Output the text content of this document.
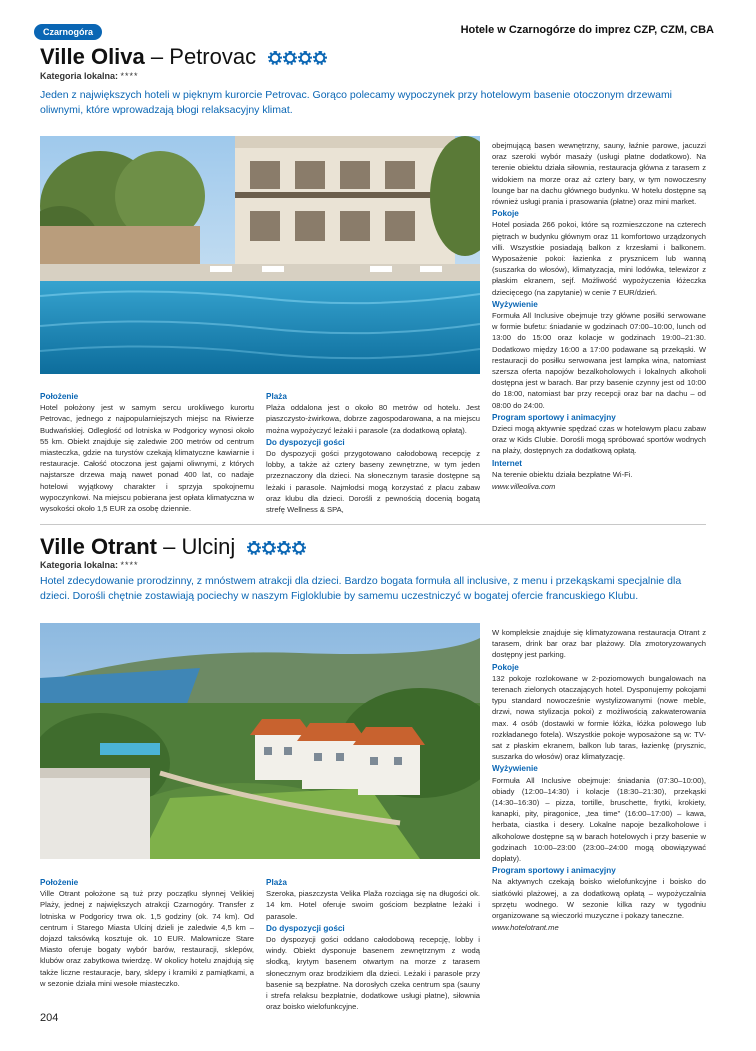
Czarnogóra	Hotele w Czarnogórze do imprez CZP, CZM, CBA
Ville Oliva – Petrovac
Kategoria lokalna: ****
Jeden z największych hoteli w pięknym kurorcie Petrovac. Gorąco polecamy wypoczynek przy hotelowym basenie otoczonym drzewami oliwnymi, które wprowadzają błogi relaksacyjny klimat.
Położenie

Hotel położony jest w samym sercu urokliwego kurortu Petrovac, jednego z najpopularniejszych miejsc na Riwierze Budwańskiej. Odległość od lotniska w Podgoricy wynosi około 55 km. Obiekt znajduje się zaledwie 200 metrów od centrum miasteczka, gdzie na turystów czekają klimatyczne kawiarnie i restauracje. Całość otoczona jest gajami oliwnymi, z których najstarsze drzewa mają nawet ponad 400 lat, co nadaje hotelowi wyjątkowy charakter i sprzyja spokojnemu wypoczynkowi. Na miejscu pobierana jest opłata klimatyczna w wysokości około 1,5 EUR za osobę dziennie.

Plaża

Plaża oddalona jest o około 80 metrów od hotelu. Jest piaszczysto-żwirkowa, dobrze zagospodarowana, a na miejscu można wypożyczyć leżaki i parasole (za dodatkową opłatą).

Do dyspozycji gości

Do dyspozycji gości przygotowano całodobową recepcję z lobby, a także aż cztery baseny zewnętrzne, w tym jeden przeznaczony dla dzieci. Na słonecznym tarasie dostępne są leżaki i parasole. Najmłodsi mogą korzystać z placu zabaw oraz klubu dla dzieci. Dorośli z pewnością docenią bogatą strefę Wellness & SPA,

obejmującą basen wewnętrzny, sauny, łaźnie parowe, jacuzzi oraz szeroki wybór masaży (usługi płatne dodatkowo). Na terenie obiektu działa siłownia, restauracja główna z tarasem z widokiem na morze oraz aż cztery bary, w tym nowoczesny lounge bar na dachu głównego budynku. W hotelu dostępne są również usługi prania i prasowania (płatne) oraz mini market.

Pokoje

Hotel posiada 266 pokoi, które są rozmieszczone na czterech piętrach w budynku głównym oraz 11 komfortowo urządzonych villi. Wszystkie posiadają balkon z krzesłami i balkonem. Wyposażenie pokoi: łazienka z prysznicem lub wanną (suszarka do włosów), klimatyzacja, mini lodówka, telewizor z płaskim ekranem, sejf. Możliwość wypożyczenia łóżeczka dziecięcego (na zapytanie) w cenie 7 EUR/dzień.

Wyżywienie

Formuła All Inclusive obejmuje trzy główne posiłki serwowane w formie bufetu: śniadanie w godzinach 07:00–10:00, lunch od 13:00 do 15:00 oraz kolacje w godzinach 19:00–21:30. Dodatkowo między 16:00 a 17:00 podawane są przekąski. W restauracji do posiłku serwowana jest lampka wina, natomiast szersza oferta napojów bezalkoholowych i lokalnych alkoholi dostępna jest w barach. Bar przy basenie czynny jest od 10:00 do 18:00, natomiast bar przy recepcji oraz bar na dachu – od 08:00 do 24:00.

Program sportowy i animacyjny

Dzieci mogą aktywnie spędzać czas w hotelowym placu zabaw oraz w Kids Clubie. Dorośli mogą spróbować sportów wodnych na plaży, dostępnych za dodatkową opłatą.

Internet

Na terenie obiektu działa bezpłatne Wi-Fi.

www.villeoliva.com

Ville Otrant – Ulcinj
Kategoria lokalna: ****
Hotel zdecydowanie prorodzinny, z mnóstwem atrakcji dla dzieci. Bardzo bogata formuła all inclusive, z menu i przekąskami specjalnie dla dzieci. Dorośli chętnie zostawiają pociechy w naszym Figloklubie by samemu uczestniczyć w bogatej ofercie francuskiego Klubu.
Położenie

Ville Otrant położone są tuż przy początku słynnej Velikiej Plaży, jednej z największych atrakcji Czarnogóry. Transfer z lotniska w Podgoricy trwa ok. 1,5 godziny (ok. 74 km). Od centrum i Starego Miasta Ulcinj dzieli je zaledwie 4,5 km – dojazd taksówką kosztuje ok. 10 EUR. Malownicze Stare Miasto oferuje bogaty wybór barów, restauracji, sklepów, klubów oraz zabytkowa twierdzę. W okolicy hotelu znajdują się także liczne restauracje, bary, sklepy i kramiki z pamiątkami, a w sezonie działa mini wesołe miasteczko.

Plaża

Szeroka, piaszczysta Velika Plaža rozciąga się na długości ok. 14 km. Hotel oferuje swoim gościom bezpłatne leżaki i parasole.

Do dyspozycji gości

Do dyspozycji gości oddano całodobową recepcję, lobby i windy. Obiekt dysponuje basenem zewnętrznym z wodą słodką, krytym basenem otwartym na morze z tarasem słonecznym oraz brodzikiem dla dzieci. Leżaki i parasole przy basenie są bezpłatne. Na dorosłych czeka centrum spa (sauny i strefa relaksu bezpłatnie, dodatkowe usługi płatne), siłownia oraz boisko wielofunkcyjne.

W kompleksie znajduje się klimatyzowana restauracja Otrant z tarasem, drink bar oraz bar plażowy. Dla zmotoryzowanych dostępny jest parking.

Pokoje

132 pokoje rozlokowane w 2-poziomowych bungalowach na terenach zielonych otaczających hotel. Dysponujemy pokojami typu standard nowocześnie wystylizowanymi (nowe meble, drzwi, nowa stylizacja pokoi) z możliwością zakwaterowania max. 4 osób (dostawki w formie łóżka, łóżka polowego lub rozkładanego fotela). Wszystkie pokoje wyposażone są w: TV-sat z płaskim ekranem, balkon lub taras, łazienkę (prysznic, suszarka do włosów) oraz klimatyzację.

Wyżywienie

Formuła All Inclusive obejmuje: śniadania (07:30–10:00), obiady (12:00–14:30) i kolacje (18:30–21:30), przekąski (14:30–16:30) – pizza, tortille, bruschette, frytki, krokiety, kanapki, pity, piragonice, „tea time” (16:00–17:00) – kawa, herbata, ciastka i desery. Lokalne napoje bezalkoholowe i alkoholowe dostępne są w barach hotelowych i przy basenie w godzinach 10:00–23:00 (23:00–24:00 mogą obowiązywać dopłaty).

Program sportowy i animacyjny

Na aktywnych czekają boisko wielofunkcyjne i boisko do siatkówki plażowej, a za dodatkową opłatą – wypożyczalnia sprzętu wodnego. W sezonie kilka razy w tygodniu organizowane są wieczorki muzyczne i pokazy taneczne.

www.hotelotrant.me

204
